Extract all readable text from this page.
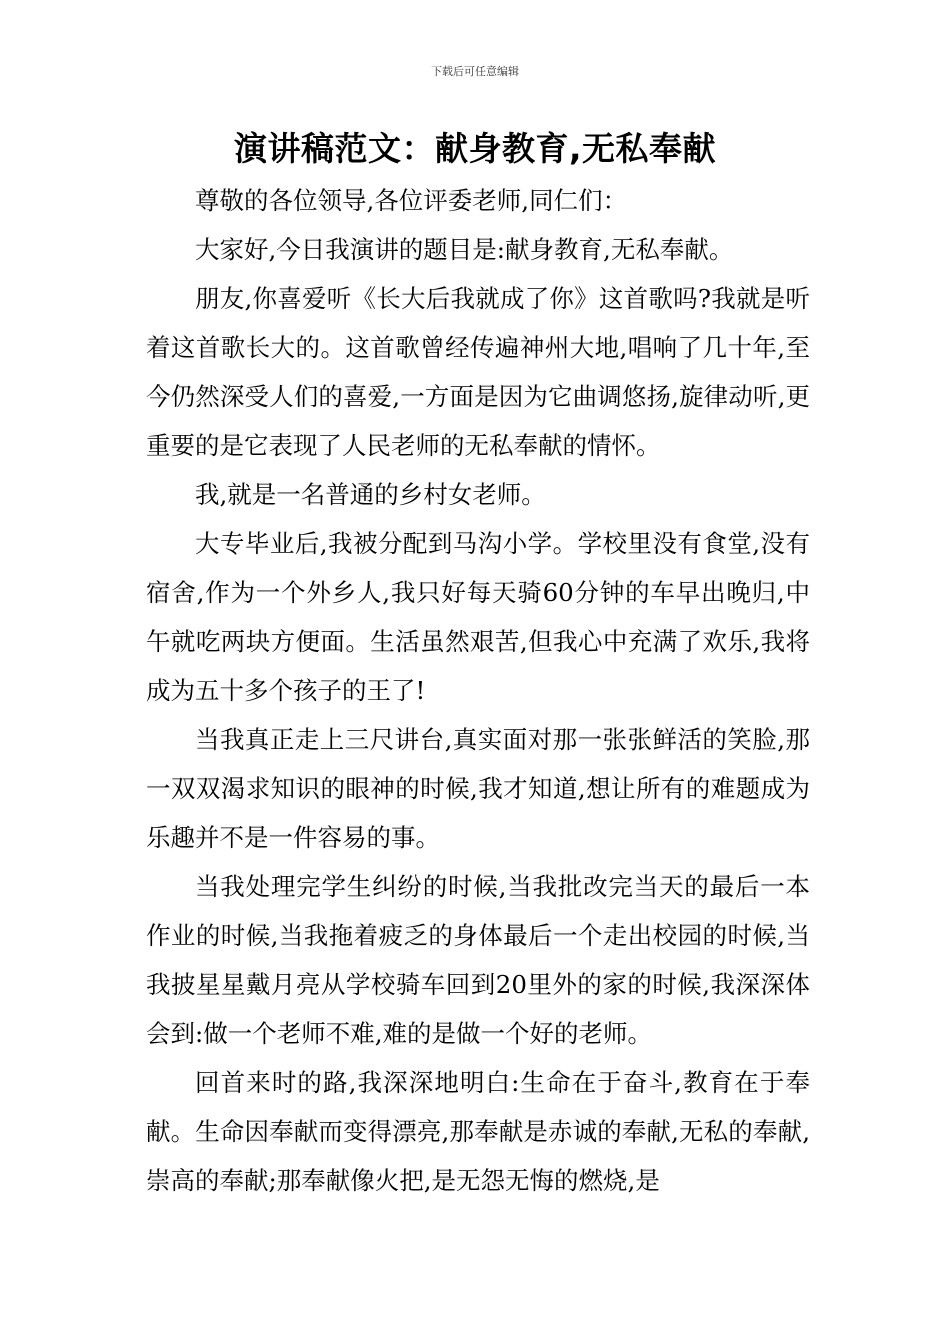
下载后可任意编辑
演讲稿范文：献身教育,无私奉献

尊敬的各位领导,各位评委老师,同仁们：

大家好,今日我演讲的题目是:献身教育,无私奉献。

朋友,你喜爱听《长大后我就成了你》这首歌吗?我就是听着这首歌长大的。这首歌曾经传遍神州大地,唱响了几十年,至今仍然深受人们的喜爱,一方面是因为它曲调悠扬,旋律动听,更重要的是它表现了人民老师的无私奉献的情怀。

我,就是一名普通的乡村女老师。

大专毕业后,我被分配到马沟小学。学校里没有食堂,没有宿舍,作为一个外乡人,我只好每天骑60分钟的车早出晚归,中午就吃两块方便面。生活虽然艰苦,但我心中充满了欢乐,我将成为五十多个孩子的王了!

当我真正走上三尺讲台,真实面对那一张张鲜活的笑脸,那一双双渴求知识的眼神的时候,我才知道,想让所有的难题成为乐趣并不是一件容易的事。

当我处理完学生纠纷的时候,当我批改完当天的最后一本作业的时候,当我拖着疲乏的身体最后一个走出校园的时候,当我披星星戴月亮从学校骑车回到20里外的家的时候,我深深体会到:做一个老师不难,难的是做一个好的老师。

回首来时的路,我深深地明白:生命在于奋斗,教育在于奉献。生命因奉献而变得漂亮,那奉献是赤诚的奉献,无私的奉献,崇高的奉献;那奉献像火把,是无怨无悔的燃烧,是
